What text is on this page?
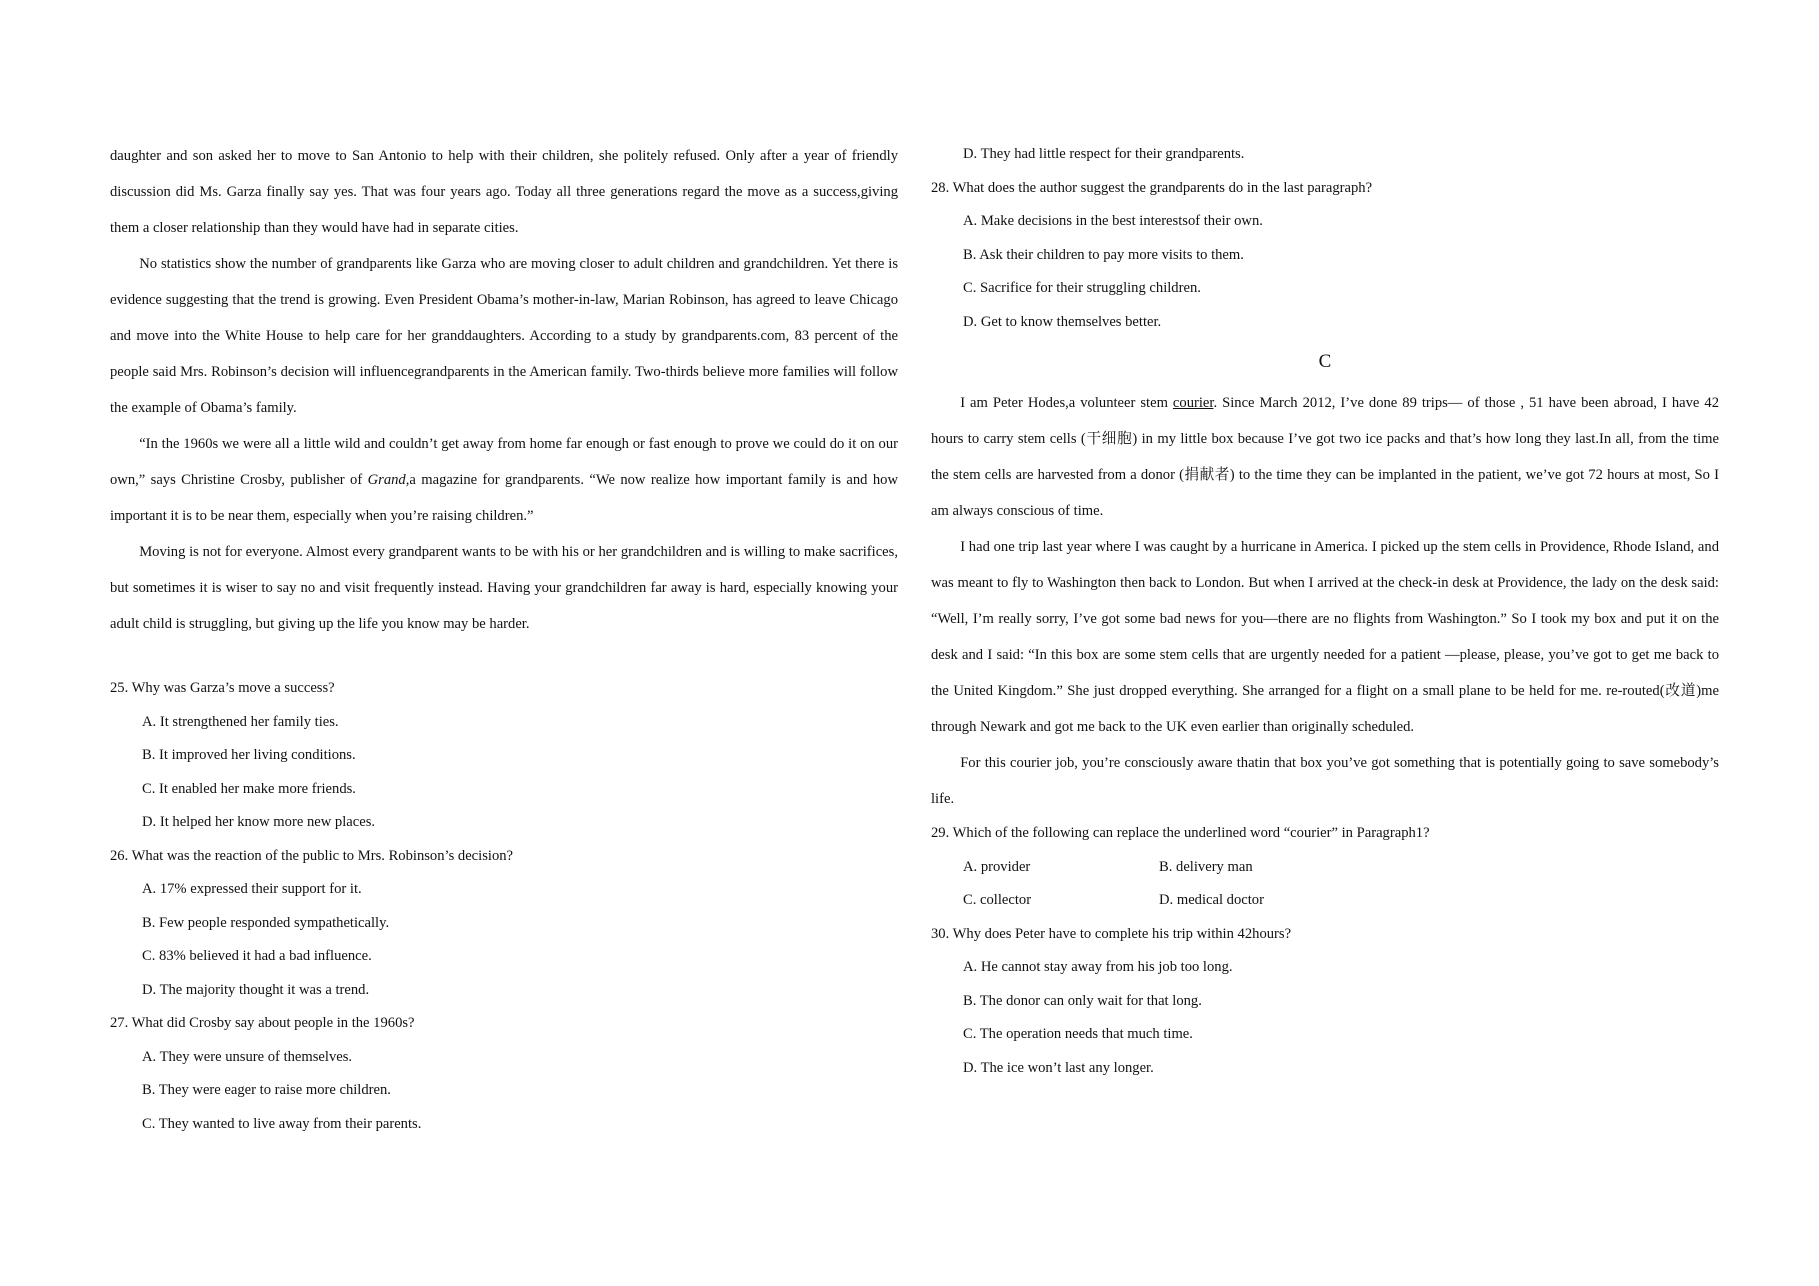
daughter and son asked her to move to San Antonio to help with their children, she politely refused. Only after a year of friendly discussion did Ms. Garza finally say yes. That was four years ago. Today all three generations regard the move as a success,giving them a closer relationship than they would have had in separate cities.

No statistics show the number of grandparents like Garza who are moving closer to adult children and grandchildren. Yet there is evidence suggesting that the trend is growing. Even President Obama’s mother-in-law, Marian Robinson, has agreed to leave Chicago and move into the White House to help care for her granddaughters. According to a study by grandparents.com, 83 percent of the people said Mrs. Robinson’s decision will influencegrandparents in the American family. Two-thirds believe more families will follow the example of Obama’s family.

“In the 1960s we were all a little wild and couldn’t get away from home far enough or fast enough to prove we could do it on our own,” says Christine Crosby, publisher of Grand,a magazine for grandparents. “We now realize how important family is and how important it is to be near them, especially when you’re raising children.”

Moving is not for everyone. Almost every grandparent wants to be with his or her grandchildren and is willing to make sacrifices, but sometimes it is wiser to say no and visit frequently instead. Having your grandchildren far away is hard, especially knowing your adult child is struggling, but giving up the life you know may be harder.

25. Why was Garza’s move a success?
A. It strengthened her family ties.
B. It improved her living conditions.
C. It enabled her make more friends.
D. It helped her know more new places.
26. What was the reaction of the public to Mrs. Robinson’s decision?
A. 17% expressed their support for it.
B. Few people responded sympathetically.
C. 83% believed it had a bad influence.
D. The majority thought it was a trend.
27. What did Crosby say about people in the 1960s?
A. They were unsure of themselves.
B. They were eager to raise more children.
C. They wanted to live away from their parents.
D. They had little respect for their grandparents.
28. What does the author suggest the grandparents do in the last paragraph?
A. Make decisions in the best interestsof their own.
B. Ask their children to pay more visits to them.
C. Sacrifice for their struggling children.
D. Get to know themselves better.

C

I am Peter Hodes,a volunteer stem courier. Since March 2012, I’ve done 89 trips— of those , 51 have been abroad, I have 42 hours to carry stem cells (干细胞) in my little box because I’ve got two ice packs and that’s how long they last.In all, from the time the stem cells are harvested from a donor (捐献者) to the time they can be implanted in the patient, we’ve got 72 hours at most, So I am always conscious of time.

I had one trip last year where I was caught by a hurricane in America. I picked up the stem cells in Providence, Rhode Island, and was meant to fly to Washington then back to London. But when I arrived at the check-in desk at Providence, the lady on the desk said: “Well, I’m really sorry, I’ve got some bad news for you—there are no flights from Washington.” So I took my box and put it on the desk and I said: “In this box are some stem cells that are urgently needed for a patient —please, please, you’ve got to get me back to the United Kingdom.” She just dropped everything. She arranged for a flight on a small plane to be held for me. re-routed(改道)me through Newark and got me back to the UK even earlier than originally scheduled.

For this courier job, you’re consciously aware thatin that box you’ve got something that is potentially going to save somebody’s life.

29. Which of the following can replace the underlined word “courier” in Paragraph1?
A. provider	B. delivery man
C. collector	D. medical doctor
30. Why does Peter have to complete his trip within 42hours?
A. He cannot stay away from his job too long.
B. The donor can only wait for that long.
C. The operation needs that much time.
D. The ice won’t last any longer.
